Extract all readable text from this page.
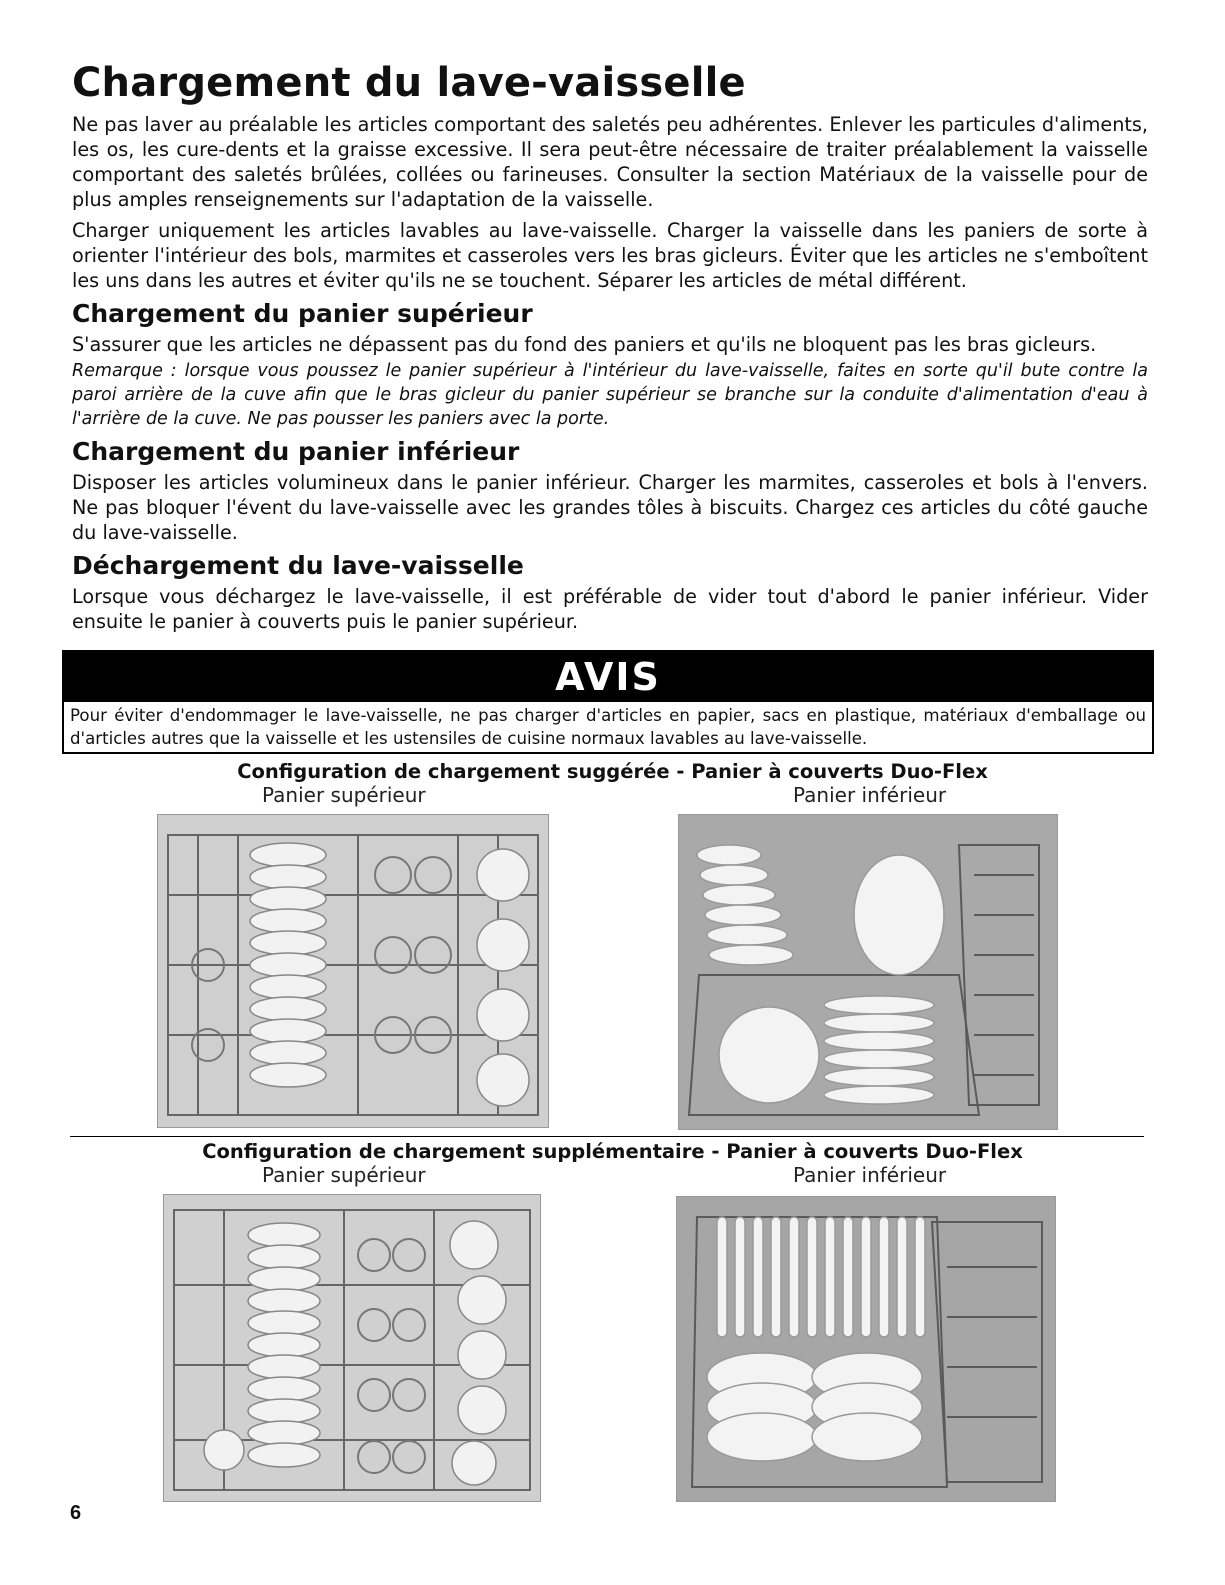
Chargement du lave-vaisselle

Ne pas laver au préalable les articles comportant des saletés peu adhérentes. Enlever les particules d'aliments, les os, les cure-dents et la graisse excessive. Il sera peut-être nécessaire de traiter préalablement la vaisselle comportant des saletés brûlées, collées ou farineuses. Consulter la section Matériaux de la vaisselle pour de plus amples renseignements sur l'adaptation de la vaisselle.

Charger uniquement les articles lavables au lave-vaisselle. Charger la vaisselle dans les paniers de sorte à orienter l'intérieur des bols, marmites et casseroles vers les bras gicleurs. Éviter que les articles ne s'emboîtent les uns dans les autres et éviter qu'ils ne se touchent. Séparer les articles de métal différent.

Chargement du panier supérieur

S'assurer que les articles ne dépassent pas du fond des paniers et qu'ils ne bloquent pas les bras gicleurs.

Remarque : lorsque vous poussez le panier supérieur à l'intérieur du lave-vaisselle, faites en sorte qu'il bute contre la paroi arrière de la cuve afin que le bras gicleur du panier supérieur se branche sur la conduite d'alimentation d'eau à l'arrière de la cuve. Ne pas pousser les paniers avec la porte.

Chargement du panier inférieur

Disposer les articles volumineux dans le panier inférieur. Charger les marmites, casseroles et bols à l'envers. Ne pas bloquer l'évent du lave-vaisselle avec les grandes tôles à biscuits. Chargez ces articles du côté gauche du lave-vaisselle.

Déchargement du lave-vaisselle

Lorsque vous déchargez le lave-vaisselle, il est préférable de vider tout d'abord le panier inférieur. Vider ensuite le panier à couverts puis le panier supérieur.

AVIS
Pour éviter d'endommager le lave-vaisselle, ne pas charger d'articles en papier, sacs en plastique, matériaux d'emballage ou d'articles autres que la vaisselle et les ustensiles de cuisine normaux lavables au lave-vaisselle.
Configuration de chargement suggérée - Panier à couverts Duo-Flex
Panier supérieur	Panier inférieur
Configuration de chargement supplémentaire - Panier à couverts Duo-Flex
Panier supérieur	Panier inférieur
6
